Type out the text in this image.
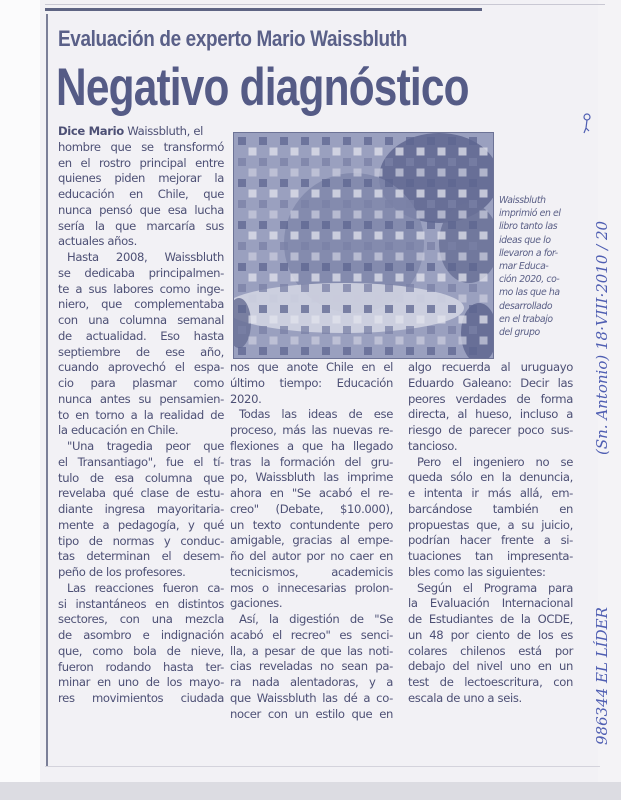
Evaluación de experto Mario Waissbluth
Negativo diagnóstico
Dice Mario Waissbluth, el
hombre que se transformó
en el rostro principal entre
quienes piden mejorar la
educación en Chile, que
nunca pensó que esa lucha
sería la que marcaría sus
actuales años.
Hasta 2008, Waissbluth
se dedicaba principalmen-
te a sus labores como inge-
niero, que complementaba
con una columna semanal
de actualidad. Eso hasta
septiembre de ese año,
cuando aprovechó el espa-
cio para plasmar como
nunca antes su pensamien-
to en torno a la realidad de
la educación en Chile.
"Una tragedia peor que
el Transantiago", fue el tí-
tulo de esa columna que
revelaba qué clase de estu-
diante ingresa mayoritaria-
mente a pedagogía, y qué
tipo de normas y conduc-
tas determinan el desem-
peño de los profesores.
Las reacciones fueron ca-
si instantáneos en distintos
sectores, con una mezcla
de asombro e indignación
que, como bola de nieve,
fueron rodando hasta ter-
minar en uno de los mayo-
res movimientos ciudada
Waissbluth
imprimió en el
libro tanto las
ideas que lo
llevaron a for-
mar Educa-
ción 2020, co-
mo las que ha
desarrollado
en el trabajo
del grupo
nos que anote Chile en el
último tiempo: Educación
2020.
Todas las ideas de ese
proceso, más las nuevas re-
flexiones a que ha llegado
tras la formación del gru-
po, Waissbluth las imprime
ahora en "Se acabó el re-
creo" (Debate, $10.000),
un texto contundente pero
amigable, gracias al empe-
ño del autor por no caer en
tecnicismos, academicis
mos o innecesarias prolon-
gaciones.
Así, la digestión de "Se
acabó el recreo" es senci-
lla, a pesar de que las noti-
cias reveladas no sean pa-
ra nada alentadoras, y a
que Waissbluth las dé a co-
nocer con un estilo que en
algo recuerda al uruguayo
Eduardo Galeano: Decir las
peores verdades de forma
directa, al hueso, incluso a
riesgo de parecer poco sus-
tancioso.
Pero el ingeniero no se
queda sólo en la denuncia,
e intenta ir más allá, em-
barcándose también en
propuestas que, a su juicio,
podrían hacer frente a si-
tuaciones tan impresenta-
bles como las siguientes:
Según el Programa para
la Evaluación Internacional
de Estudiantes de la OCDE,
un 48 por ciento de los es
colares chilenos está por
debajo del nivel uno en un
test de lectoescritura, con
escala de uno a seis.
(Sn. Antonio) 18·VIII·2010 / 20
986344 EL LÍDER
